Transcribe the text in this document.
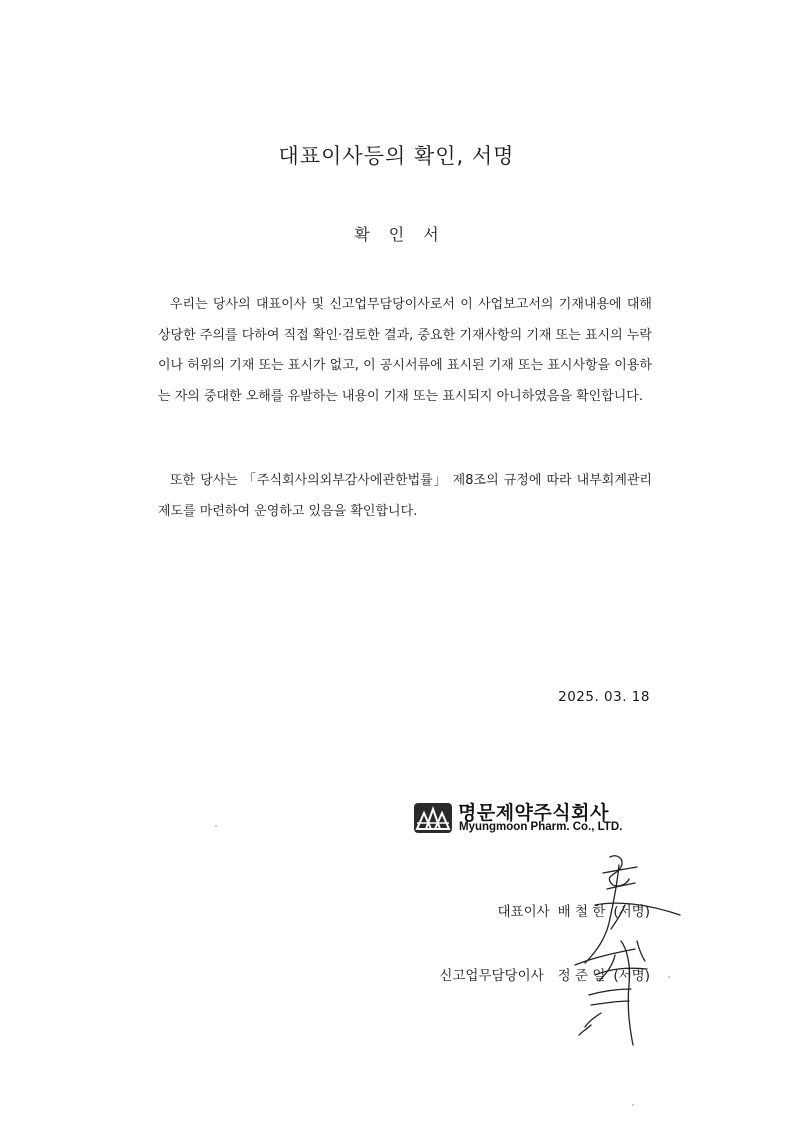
대표이사등의 확인, 서명
확 인 서

우리는 당사의 대표이사 및 신고업무담당이사로서 이 사업보고서의 기재내용에 대해 상당한 주의를 다하여 직접 확인·검토한 결과, 중요한 기재사항의 기재 또는 표시의 누락이나 허위의 기재 또는 표시가 없고, 이 공시서류에 표시된 기재 또는 표시사항을 이용하는 자의 중대한 오해를 유발하는 내용이 기재 또는 표시되지 아니하였음을 확인합니다.

또한 당사는 「주식회사의외부감사에관한법률」 제8조의 규정에 따라 내부회계관리제도를 마련하여 운영하고 있음을 확인합니다.

2025. 03. 18
명문제약주식회사
Myungmoon Pharm. Co., LTD.
대표이사 배 철 한 (서명)
신고업무담당이사 정 준 일 (서명)
